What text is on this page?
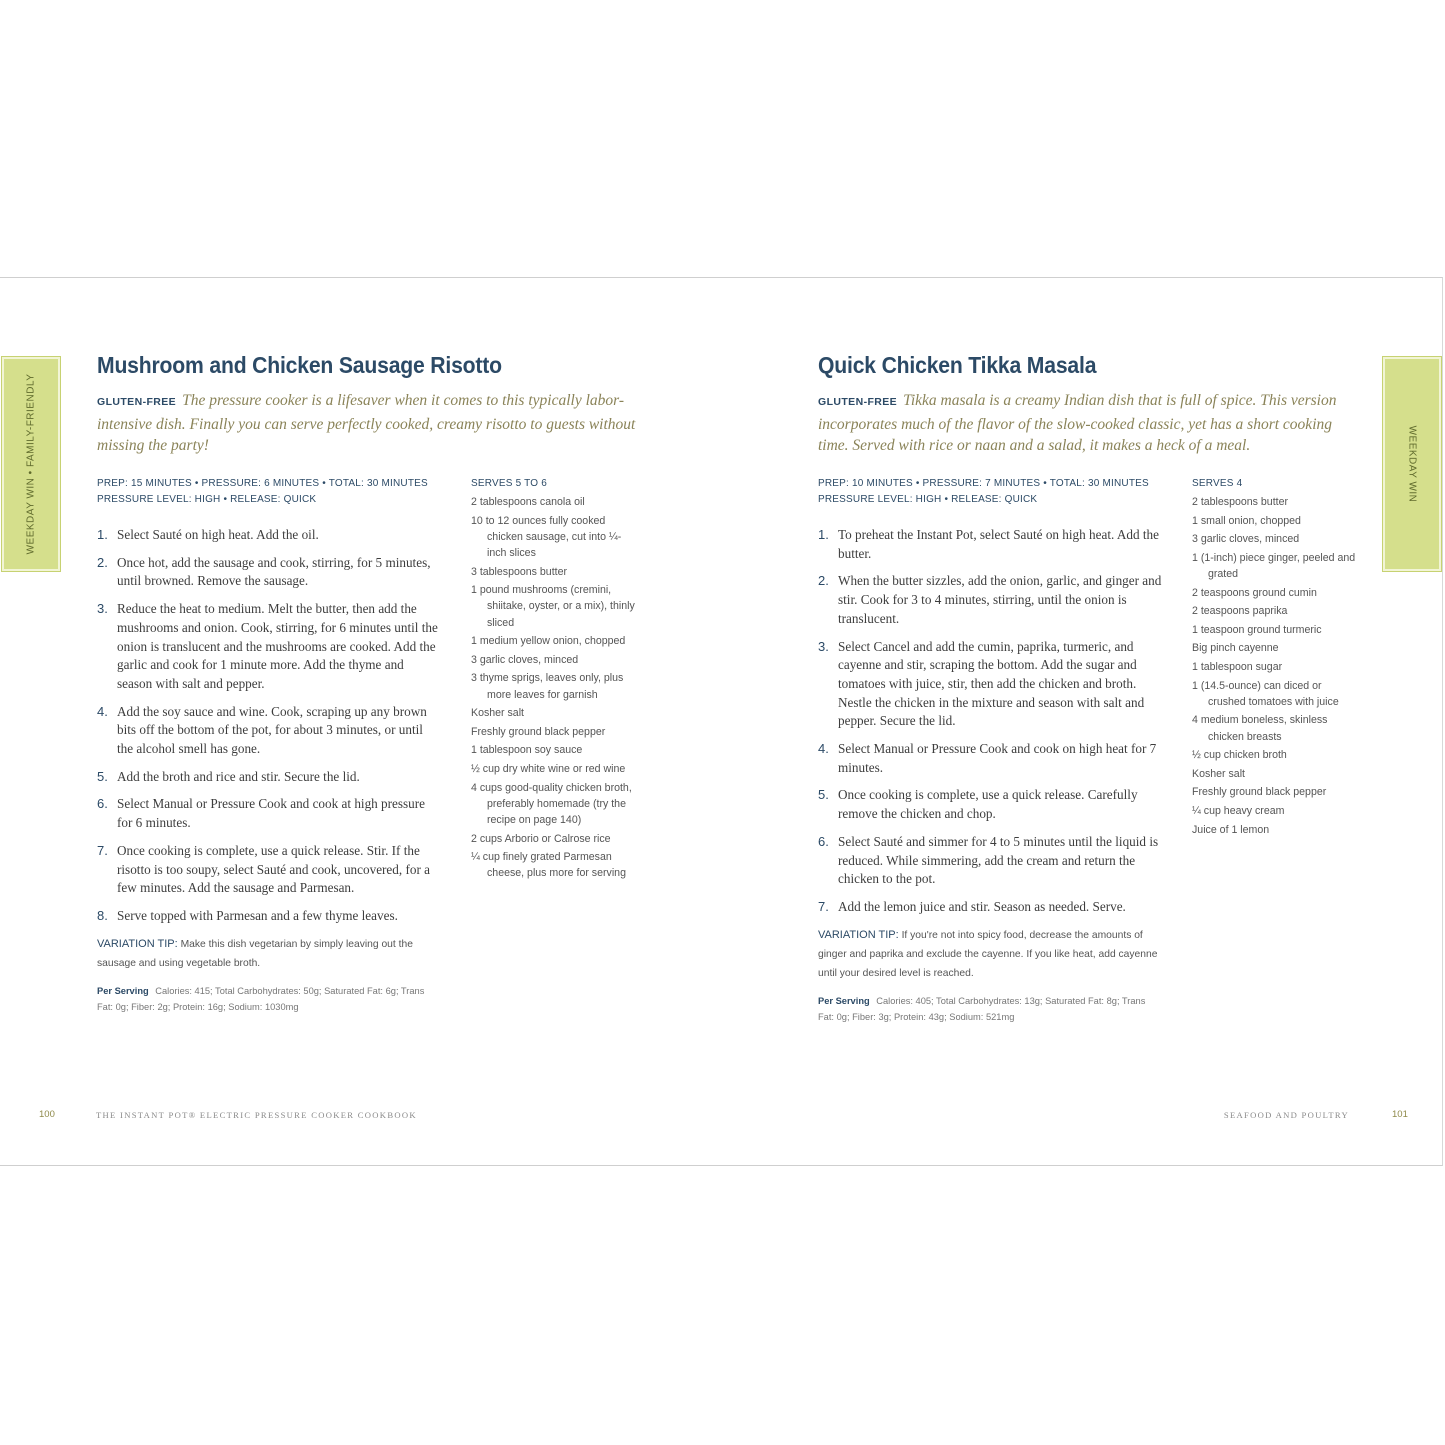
WEEKDAY WIN • FAMILY-FRIENDLY	WEEKDAY WIN
Mushroom and Chicken Sausage Risotto
GLUTEN-FREE The pressure cooker is a lifesaver when it comes to this typically labor-intensive dish. Finally you can serve perfectly cooked, creamy risotto to guests without missing the party!
PREP: 15 MINUTES • PRESSURE: 6 MINUTES • TOTAL: 30 MINUTES
PRESSURE LEVEL: HIGH • RELEASE: QUICK
1. Select Sauté on high heat. Add the oil.
2. Once hot, add the sausage and cook, stirring, for 5 minutes, until browned. Remove the sausage.
3. Reduce the heat to medium. Melt the butter, then add the mushrooms and onion. Cook, stirring, for 6 minutes until the onion is translucent and the mushrooms are cooked. Add the garlic and cook for 1 minute more. Add the thyme and season with salt and pepper.
4. Add the soy sauce and wine. Cook, scraping up any brown bits off the bottom of the pot, for about 3 minutes, or until the alcohol smell has gone.
5. Add the broth and rice and stir. Secure the lid.
6. Select Manual or Pressure Cook and cook at high pressure for 6 minutes.
7. Once cooking is complete, use a quick release. Stir. If the risotto is too soupy, select Sauté and cook, uncovered, for a few minutes. Add the sausage and Parmesan.
8. Serve topped with Parmesan and a few thyme leaves.
VARIATION TIP: Make this dish vegetarian by simply leaving out the sausage and using vegetable broth.
Per Serving Calories: 415; Total Carbohydrates: 50g; Saturated Fat: 6g; Trans Fat: 0g; Fiber: 2g; Protein: 16g; Sodium: 1030mg
SERVES 5 TO 6
2 tablespoons canola oil
10 to 12 ounces fully cooked chicken sausage, cut into ¼-inch slices
3 tablespoons butter
1 pound mushrooms (cremini, shiitake, oyster, or a mix), thinly sliced
1 medium yellow onion, chopped
3 garlic cloves, minced
3 thyme sprigs, leaves only, plus more leaves for garnish
Kosher salt
Freshly ground black pepper
1 tablespoon soy sauce
½ cup dry white wine or red wine
4 cups good-quality chicken broth, preferably homemade (try the recipe on page 140)
2 cups Arborio or Calrose rice
¼ cup finely grated Parmesan cheese, plus more for serving
Quick Chicken Tikka Masala
GLUTEN-FREE Tikka masala is a creamy Indian dish that is full of spice. This version incorporates much of the flavor of the slow-cooked classic, yet has a short cooking time. Served with rice or naan and a salad, it makes a heck of a meal.
PREP: 10 MINUTES • PRESSURE: 7 MINUTES • TOTAL: 30 MINUTES
PRESSURE LEVEL: HIGH • RELEASE: QUICK
1. To preheat the Instant Pot, select Sauté on high heat. Add the butter.
2. When the butter sizzles, add the onion, garlic, and ginger and stir. Cook for 3 to 4 minutes, stirring, until the onion is translucent.
3. Select Cancel and add the cumin, paprika, turmeric, and cayenne and stir, scraping the bottom. Add the sugar and tomatoes with juice, stir, then add the chicken and broth. Nestle the chicken in the mixture and season with salt and pepper. Secure the lid.
4. Select Manual or Pressure Cook and cook on high heat for 7 minutes.
5. Once cooking is complete, use a quick release. Carefully remove the chicken and chop.
6. Select Sauté and simmer for 4 to 5 minutes until the liquid is reduced. While simmering, add the cream and return the chicken to the pot.
7. Add the lemon juice and stir. Season as needed. Serve.
VARIATION TIP: If you're not into spicy food, decrease the amounts of ginger and paprika and exclude the cayenne. If you like heat, add cayenne until your desired level is reached.
Per Serving Calories: 405; Total Carbohydrates: 13g; Saturated Fat: 8g; Trans Fat: 0g; Fiber: 3g; Protein: 43g; Sodium: 521mg
SERVES 4
2 tablespoons butter
1 small onion, chopped
3 garlic cloves, minced
1 (1-inch) piece ginger, peeled and grated
2 teaspoons ground cumin
2 teaspoons paprika
1 teaspoon ground turmeric
Big pinch cayenne
1 tablespoon sugar
1 (14.5-ounce) can diced or crushed tomatoes with juice
4 medium boneless, skinless chicken breasts
½ cup chicken broth
Kosher salt
Freshly ground black pepper
¼ cup heavy cream
Juice of 1 lemon
100	THE INSTANT POT® ELECTRIC PRESSURE COOKER COOKBOOK	SEAFOOD AND POULTRY	101
